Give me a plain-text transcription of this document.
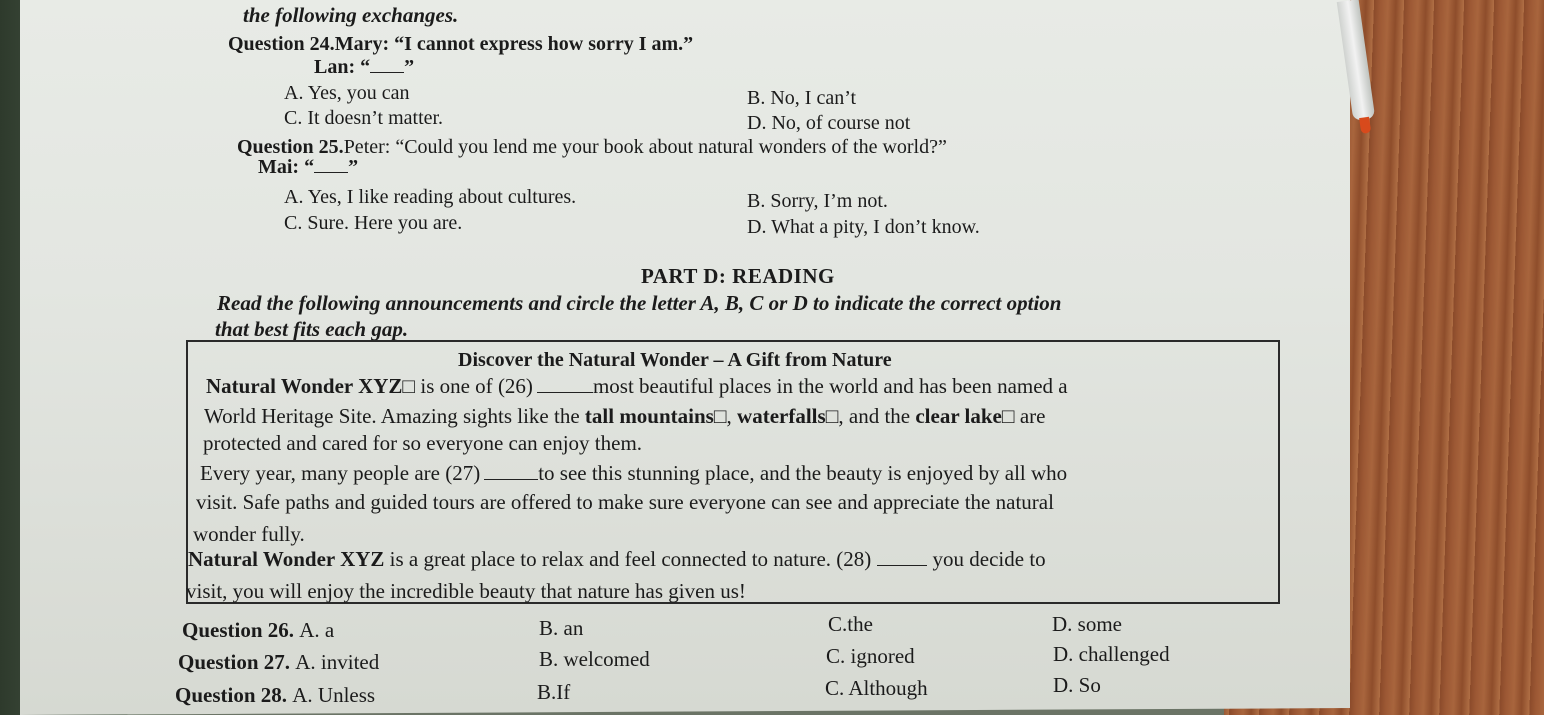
the following exchanges.
Question 24.Mary: “I cannot express how sorry I am.”
Lan: “ ”
A. Yes, you can	B. No, I can’t
C. It doesn’t matter.	D. No, of course not
Question 25.Peter: “Could you lend me your book about natural wonders of the world?”
Mai: “ ”
A. Yes, I like reading about cultures.	B. Sorry, I’m not.
C. Sure. Here you are.	D. What a pity, I don’t know.
PART D: READING
Read the following announcements and circle the letter A, B, C or D to indicate the correct option
that best fits each gap.
Discover the Natural Wonder – A Gift from Nature
Natural Wonder XYZ□ is one of (26)	most beautiful places in the world and has been named a
World Heritage Site. Amazing sights like the tall mountains□, waterfalls□, and the clear lake□ are
protected and cared for so everyone can enjoy them.
Every year, many people are (27)	to see this stunning place, and the beauty is enjoyed by all who
visit. Safe paths and guided tours are offered to make sure everyone can see and appreciate the natural
wonder fully.
Natural Wonder XYZ is a great place to relax and feel connected to nature. (28)	you decide to
visit, you will enjoy the incredible beauty that nature has given us!
Question 26. A. a	B. an	C.the	D. some
Question 27. A. invited	B. welcomed	C. ignored	D. challenged
Question 28. A. Unless	B.If	C. Although	D. So
